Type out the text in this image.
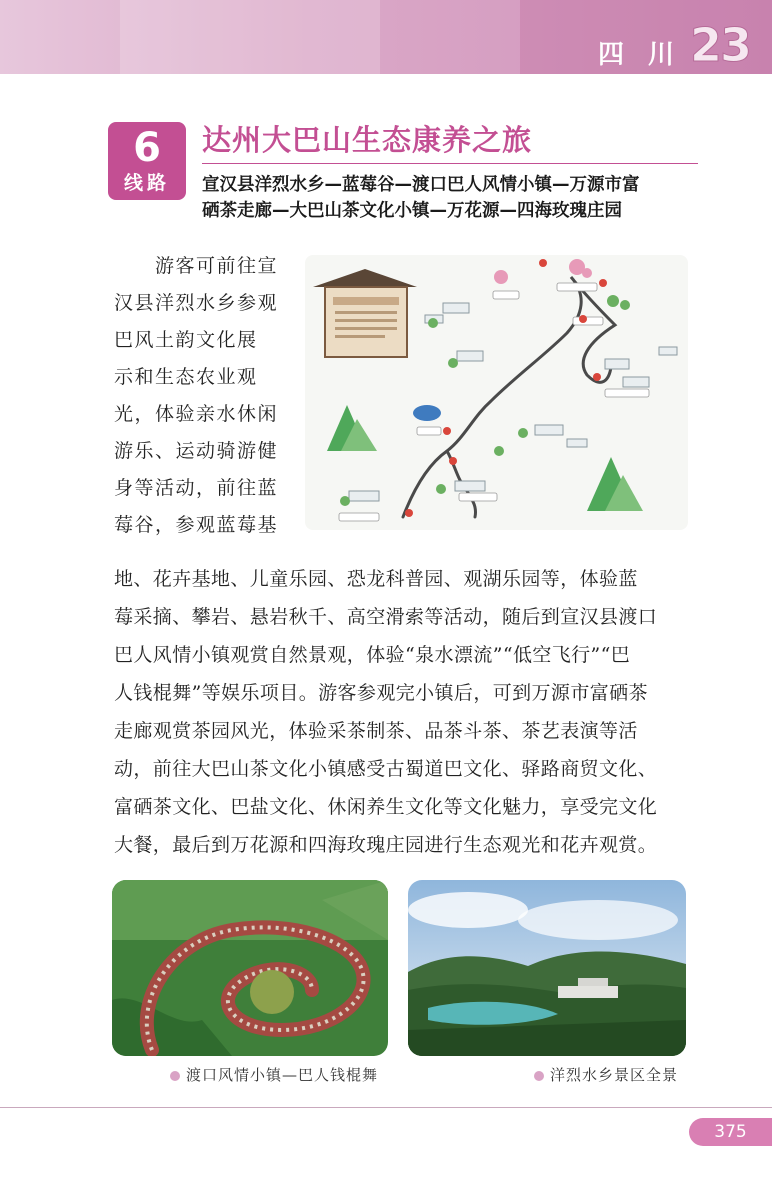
四川
23
6
线路
达州大巴山生态康养之旅
宣汉县洋烈水乡—蓝莓谷—渡口巴人风情小镇—万源市富
硒茶走廊—大巴山茶文化小镇—万花源—四海玫瑰庄园
　　游客可前往宣
汉县洋烈水乡参观
巴风土韵文化展
示和生态农业观
光，体验亲水休闲
游乐、运动骑游健
身等活动，前往蓝
莓谷，参观蓝莓基
地、花卉基地、儿童乐园、恐龙科普园、观湖乐园等，体验蓝
莓采摘、攀岩、悬岩秋千、高空滑索等活动，随后到宣汉县渡口
巴人风情小镇观赏自然景观，体验“泉水漂流”“低空飞行”“巴
人钱棍舞”等娱乐项目。游客参观完小镇后，可到万源市富硒茶
走廊观赏茶园风光，体验采茶制茶、品茶斗茶、茶艺表演等活
动，前往大巴山茶文化小镇感受古蜀道巴文化、驿路商贸文化、
富硒茶文化、巴盐文化、休闲养生文化等文化魅力，享受完文化
大餐，最后到万花源和四海玫瑰庄园进行生态观光和花卉观赏。
渡口风情小镇—巴人钱棍舞	洋烈水乡景区全景
375
